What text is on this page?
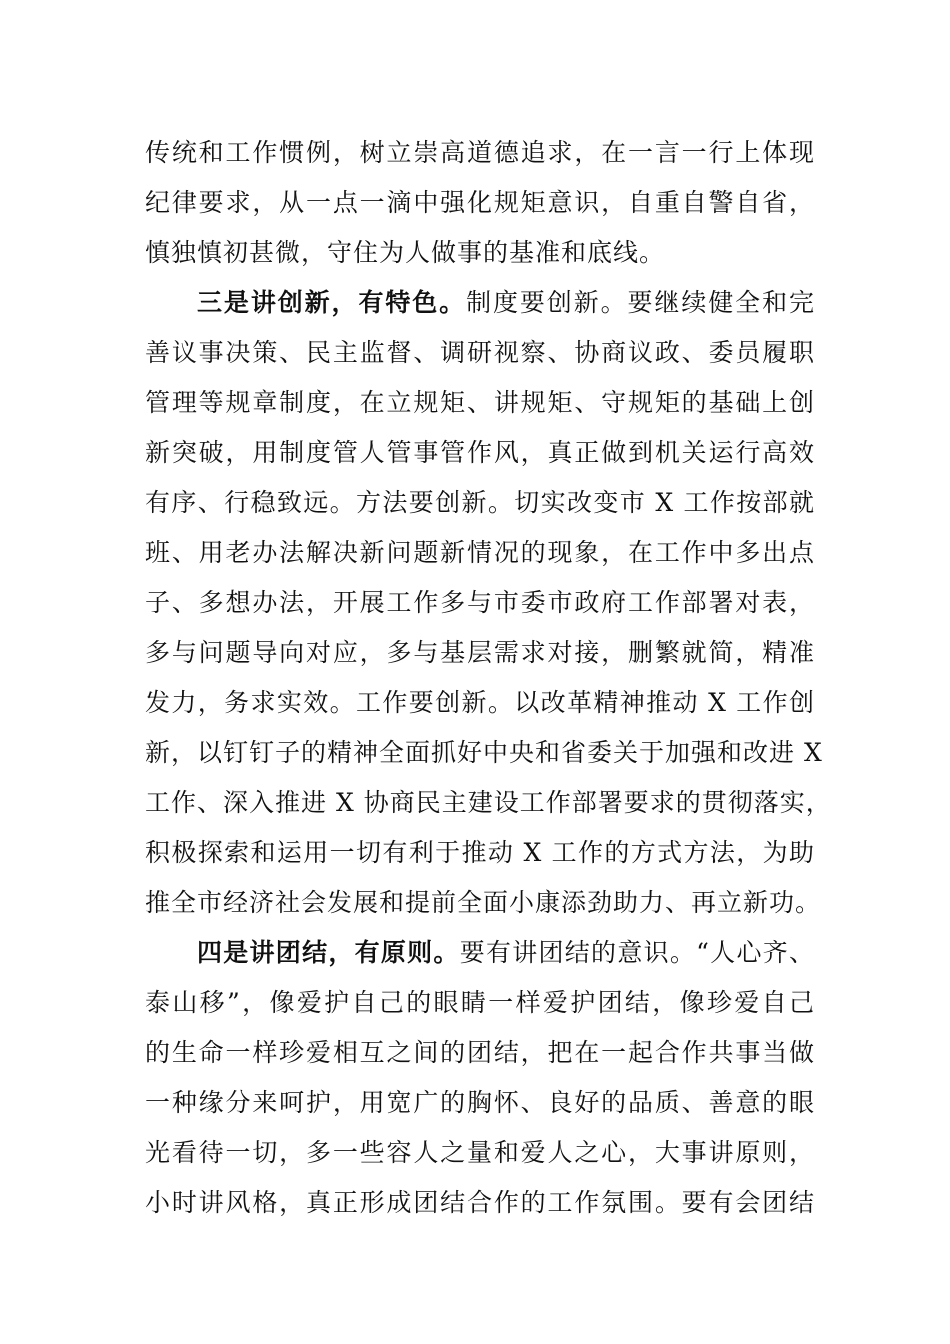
传统和工作惯例，树立崇高道德追求，在一言一行上体现
纪律要求，从一点一滴中强化规矩意识，自重自警自省，
慎独慎初甚微，守住为人做事的基准和底线。
三是讲创新，有特色。制度要创新。要继续健全和完
善议事决策、民主监督、调研视察、协商议政、委员履职
管理等规章制度，在立规矩、讲规矩、守规矩的基础上创
新突破，用制度管人管事管作风，真正做到机关运行高效
有序、行稳致远。方法要创新。切实改变市 X 工作按部就
班、用老办法解决新问题新情况的现象，在工作中多出点
子、多想办法，开展工作多与市委市政府工作部署对表，
多与问题导向对应，多与基层需求对接，删繁就简，精准
发力，务求实效。工作要创新。以改革精神推动 X 工作创
新，以钉钉子的精神全面抓好中央和省委关于加强和改进 X
工作、深入推进 X 协商民主建设工作部署要求的贯彻落实，
积极探索和运用一切有利于推动 X 工作的方式方法，为助
推全市经济社会发展和提前全面小康添劲助力、再立新功。
四是讲团结，有原则。要有讲团结的意识。“人心齐、
泰山移”，像爱护自己的眼睛一样爱护团结，像珍爱自己
的生命一样珍爱相互之间的团结，把在一起合作共事当做
一种缘分来呵护，用宽广的胸怀、良好的品质、善意的眼
光看待一切，多一些容人之量和爱人之心，大事讲原则，
小时讲风格，真正形成团结合作的工作氛围。要有会团结
